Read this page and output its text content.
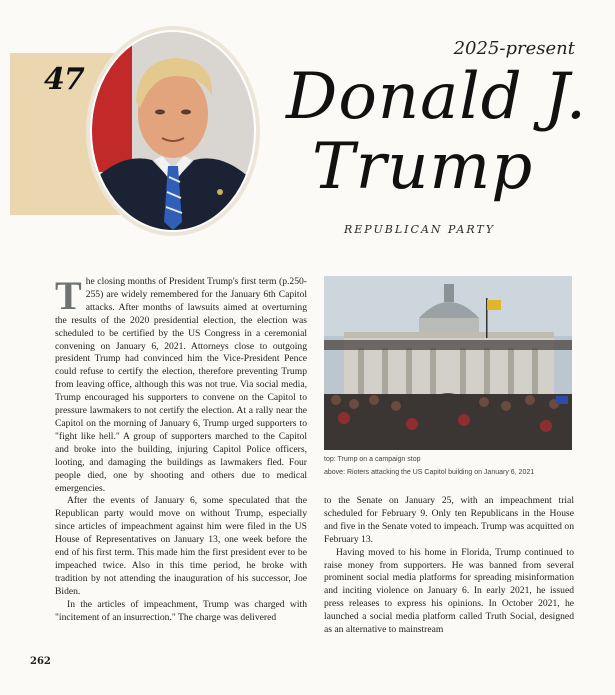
47
2025-present
Donald J.
Trump
REPUBLICAN PARTY
T he closing months of President Trump's first term (p.250-255) are widely remembered for the January 6th Capitol attacks. After months of lawsuits aimed at overturning the results of the 2020 presidential election, the election was scheduled to be certified by the US Congress in a ceremonial convening on January 6, 2021. Attorneys close to outgoing president Trump had convinced him the Vice-President Pence could refuse to certify the election, therefore preventing Trump from leaving office, although this was not true. Via social media, Trump encouraged his supporters to convene on the Capitol to pressure lawmakers to not certify the election. At a rally near the Capitol on the morning of January 6, Trump urged supporters to "fight like hell." A group of supporters marched to the Capitol and broke into the building, injuring Capitol Police officers, looting, and damaging the buildings as lawmakers fled. Four people died, one by shooting and others due to medical emergencies.

After the events of January 6, some speculated that the Republican party would move on without Trump, especially since articles of impeachment against him were filed in the US House of Representatives on January 13, one week before the end of his first term. This made him the first president ever to be impeached twice. Also in this time period, he broke with tradition by not attending the inauguration of his successor, Joe Biden.

In the articles of impeachment, Trump was charged with "incitement of an insurrection." The charge was delivered

top: Trump on a campaign stop
above: Rioters attacking the US Capitol building on January 6, 2021

to the Senate on January 25, with an impeachment trial scheduled for February 9. Only ten Republicans in the House and five in the Senate voted to impeach. Trump was acquitted on February 13.

Having moved to his home in Florida, Trump continued to raise money from supporters. He was banned from several prominent social media platforms for spreading misinformation and inciting violence on January 6. In early 2021, he issued press releases to express his opinions. In October 2021, he launched a social media platform called Truth Social, designed as an alternative to mainstream

262
